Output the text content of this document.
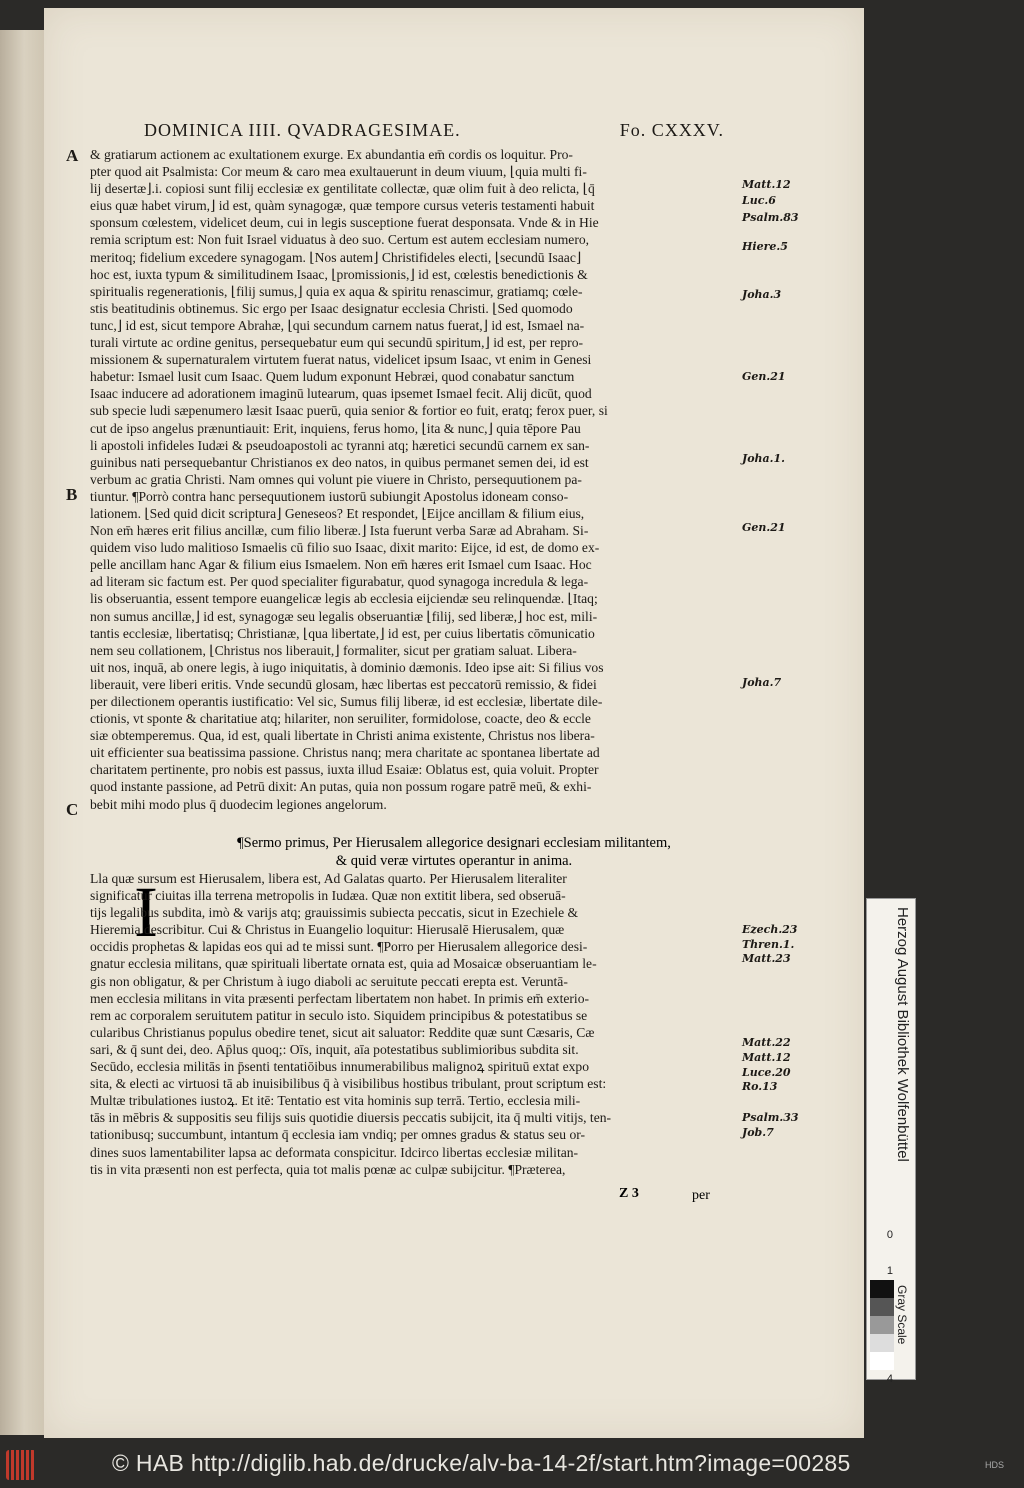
DOMINICA IIII. QVADRAGESIMAE.	Fo. CXXXV.
A
B
C
& gratiarum actionem ac exultationem exurge. Ex abundantia em̄ cordis os loquitur. Pro-
pter quod ait Psalmista: Cor meum & caro mea exultauerunt in deum viuum, ⌊quia multi fi-
lij desertæ⌋.i. copiosi sunt filij ecclesiæ ex gentilitate collectæ, quæ olim fuit à deo relicta, ⌊q̄
eius quæ habet virum,⌋ id est, quàm synagogæ, quæ tempore cursus veteris testamenti habuit
sponsum cœlestem, videlicet deum, cui in legis susceptione fuerat desponsata. Vnde & in Hie
remia scriptum est: Non fuit Israel viduatus à deo suo. Certum est autem ecclesiam numero,
meritoq; fidelium excedere synagogam. ⌊Nos autem⌋ Christifideles electi, ⌊secundū Isaac⌋
hoc est, iuxta typum & similitudinem Isaac, ⌊promissionis,⌋ id est, cœlestis benedictionis &
spiritualis regenerationis, ⌊filij sumus,⌋ quia ex aqua & spiritu renascimur, gratiamq; cœle-
stis beatitudinis obtinemus. Sic ergo per Isaac designatur ecclesia Christi. ⌊Sed quomodo
tunc,⌋ id est, sicut tempore Abrahæ, ⌊qui secundum carnem natus fuerat,⌋ id est, Ismael na-
turali virtute ac ordine genitus, persequebatur eum qui secundū spiritum,⌋ id est, per repro-
missionem & supernaturalem virtutem fuerat natus, videlicet ipsum Isaac, vt enim in Genesi
habetur: Ismael lusit cum Isaac. Quem ludum exponunt Hebræi, quod conabatur sanctum
Isaac inducere ad adorationem imaginū lutearum, quas ipsemet Ismael fecit. Alij dicūt, quod
sub specie ludi sæpenumero læsit Isaac puerū, quia senior & fortior eo fuit, eratq; ferox puer, si
cut de ipso angelus prænuntiauit: Erit, inquiens, ferus homo, ⌊ita & nunc,⌋ quia tēpore Pau
li apostoli infideles Iudæi & pseudoapostoli ac tyranni atq; hæretici secundū carnem ex san-
guinibus nati persequebantur Christianos ex deo natos, in quibus permanet semen dei, id est
verbum ac gratia Christi. Nam omnes qui volunt pie viuere in Christo, persequutionem pa-
tiuntur. ¶Porrò contra hanc persequutionem iustorū subiungit Apostolus idoneam conso-
lationem. ⌊Sed quid dicit scriptura⌋ Geneseos? Et respondet, ⌊Eijce ancillam & filium eius,
Non em̄ hæres erit filius ancillæ, cum filio liberæ.⌋ Ista fuerunt verba Saræ ad Abraham. Si-
quidem viso ludo malitioso Ismaelis cū filio suo Isaac, dixit marito: Eijce, id est, de domo ex-
pelle ancillam hanc Agar & filium eius Ismaelem. Non em̄ hæres erit Ismael cum Isaac. Hoc
ad literam sic factum est. Per quod specialiter figurabatur, quod synagoga incredula & lega-
lis obseruantia, essent tempore euangelicæ legis ab ecclesia eijciendæ seu relinquendæ. ⌊Itaq;
non sumus ancillæ,⌋ id est, synagogæ seu legalis obseruantiæ ⌊filij, sed liberæ,⌋ hoc est, mili-
tantis ecclesiæ, libertatisq; Christianæ, ⌊qua libertate,⌋ id est, per cuius libertatis cōmunicatio
nem seu collationem, ⌊Christus nos liberauit,⌋ formaliter, sicut per gratiam saluat. Libera-
uit nos, inquā, ab onere legis, à iugo iniquitatis, à dominio dæmonis. Ideo ipse ait: Si filius vos
liberauit, vere liberi eritis. Vnde secundū glosam, hæc libertas est peccatorū remissio, & fidei
per dilectionem operantis iustificatio: Vel sic, Sumus filij liberæ, id est ecclesiæ, libertate dile-
ctionis, vt sponte & charitatiue atq; hilariter, non seruiliter, formidolose, coacte, deo & eccle
siæ obtemperemus. Qua, id est, quali libertate in Christi anima existente, Christus nos libera-
uit efficienter sua beatissima passione. Christus nanq; mera charitate ac spontanea libertate ad
charitatem pertinente, pro nobis est passus, iuxta illud Esaiæ: Oblatus est, quia voluit. Propter
quod instante passione, ad Petrū dixit: An putas, quia non possum rogare patrē meū, & exhi-
bebit mihi modo plus q̄ duodecim legiones angelorum.
¶Sermo primus, Per Hierusalem allegorice designari ecclesiam militantem,
& quid veræ virtutes operantur in anima.
I
Lla quæ sursum est Hierusalem, libera est, Ad Galatas quarto. Per Hierusalem literaliter
significatur ciuitas illa terrena metropolis in Iudæa. Quæ non extitit libera, sed obseruā-
tijs legalibus subdita, imò & varijs atq; grauissimis subiecta peccatis, sicut in Ezechiele &
Hieremia describitur. Cui & Christus in Euangelio loquitur: Hierusalē Hierusalem, quæ
occidis prophetas & lapidas eos qui ad te missi sunt. ¶Porro per Hierusalem allegorice desi-
gnatur ecclesia militans, quæ spirituali libertate ornata est, quia ad Mosaicæ obseruantiam le-
gis non obligatur, & per Christum à iugo diaboli ac seruitute peccati erepta est. Veruntā-
men ecclesia militans in vita præsenti perfectam libertatem non habet. In primis em̄ exterio-
rem ac corporalem seruitutem patitur in seculo isto. Siquidem principibus & potestatibus se
cularibus Christianus populus obedire tenet, sicut ait saluator: Reddite quæ sunt Cæsaris, Cæ
sari, & q̄ sunt dei, deo. Ap̄lus quoq;: Oīs, inquit, aīa potestatibus sublimioribus subdita sit.
Secūdo, ecclesia militās in p̄senti tentatiōibus innumerabilibus malignoꝝ spirituū extat expo
sita, & electi ac virtuosi tā ab inuisibilibus q̄ à visibilibus hostibus tribulant, prout scriptum est:
Multæ tribulationes iustoꝝ. Et itē: Tentatio est vita hominis sup terrā. Tertio, ecclesia mili-
tās in mēbris & suppositis seu filijs suis quotidie diuersis peccatis subijcit, ita q̄ multi vitijs, ten-
tationibusq; succumbunt, intantum q̄ ecclesia iam vndiq; per omnes gradus & status seu or-
dines suos lamentabiliter lapsa ac deformata conspicitur. Idcirco libertas ecclesiæ militan-
tis in vita præsenti non est perfecta, quia tot malis pœnæ ac culpæ subijcitur. ¶Præterea,
Matt.12
Luc.6
Psalm.83
Hiere.5
Joha.3
Gen.21
Joha.1.
Gen.21
Joha.7
Ezech.23
Thren.1.
Matt.23
Matt.22
Matt.12
Luce.20
Ro.13
Psalm.33
Job.7
Z 3	per
Herzog August Bibliothek Wolfenbüttel
0
1
4
Gray Scale
© HAB http://diglib.hab.de/drucke/alv-ba-14-2f/start.htm?image=00285	HDS
